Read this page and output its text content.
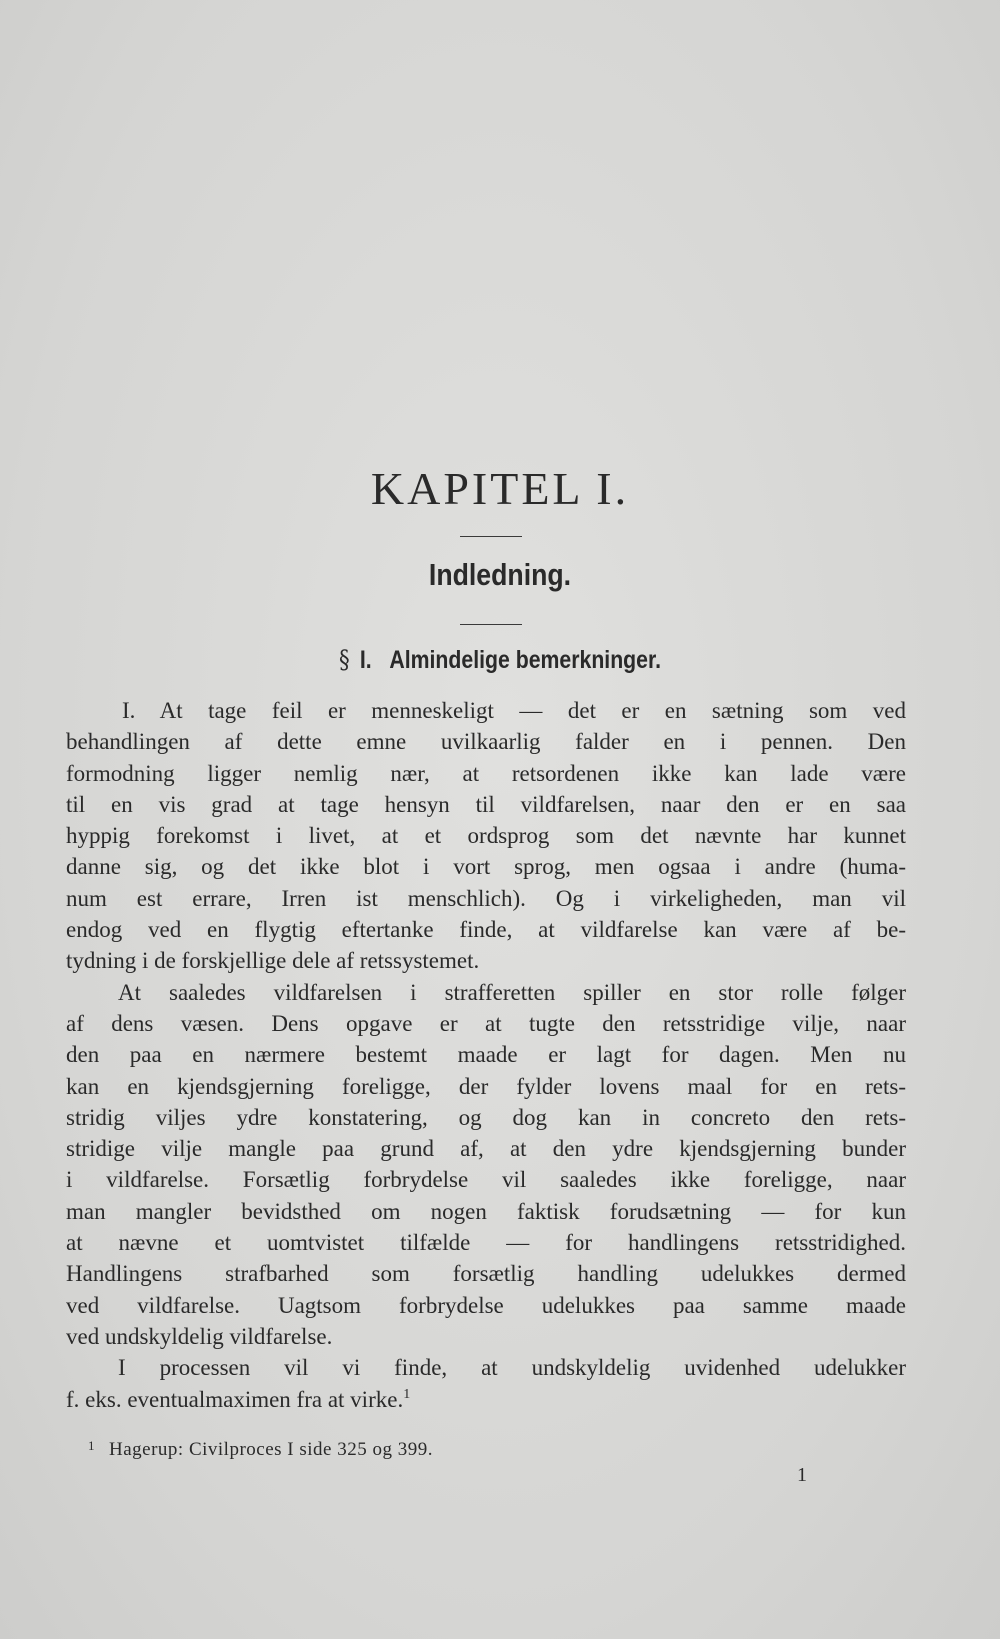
KAPITEL I.
Indledning.
§ I. Almindelige bemerkninger.
I. At tage feil er menneskeligt — det er en sætning som ved
behandlingen af dette emne uvilkaarlig falder en i pennen. Den
formodning ligger nemlig nær, at retsordenen ikke kan lade være
til en vis grad at tage hensyn til vildfarelsen, naar den er en saa
hyppig forekomst i livet, at et ordsprog som det nævnte har kunnet
danne sig, og det ikke blot i vort sprog, men ogsaa i andre (huma-
num est errare, Irren ist menschlich). Og i virkeligheden, man vil
endog ved en flygtig eftertanke finde, at vildfarelse kan være af be-
tydning i de forskjellige dele af retssystemet.
At saaledes vildfarelsen i strafferetten spiller en stor rolle følger
af dens væsen. Dens opgave er at tugte den retsstridige vilje, naar
den paa en nærmere bestemt maade er lagt for dagen. Men nu
kan en kjendsgjerning foreligge, der fylder lovens maal for en rets-
stridig viljes ydre konstatering, og dog kan in concreto den rets-
stridige vilje mangle paa grund af, at den ydre kjendsgjerning bunder
i vildfarelse. Forsætlig forbrydelse vil saaledes ikke foreligge, naar
man mangler bevidsthed om nogen faktisk forudsætning — for kun
at nævne et uomtvistet tilfælde — for handlingens retsstridighed.
Handlingens strafbarhed som forsætlig handling udelukkes dermed
ved vildfarelse. Uagtsom forbrydelse udelukkes paa samme maade
ved undskyldelig vildfarelse.
I processen vil vi finde, at undskyldelig uvidenhed udelukker
f. eks. eventualmaximen fra at virke.$^1$
$^1$ Hagerup: Civilproces I side 325 og 399.
1
